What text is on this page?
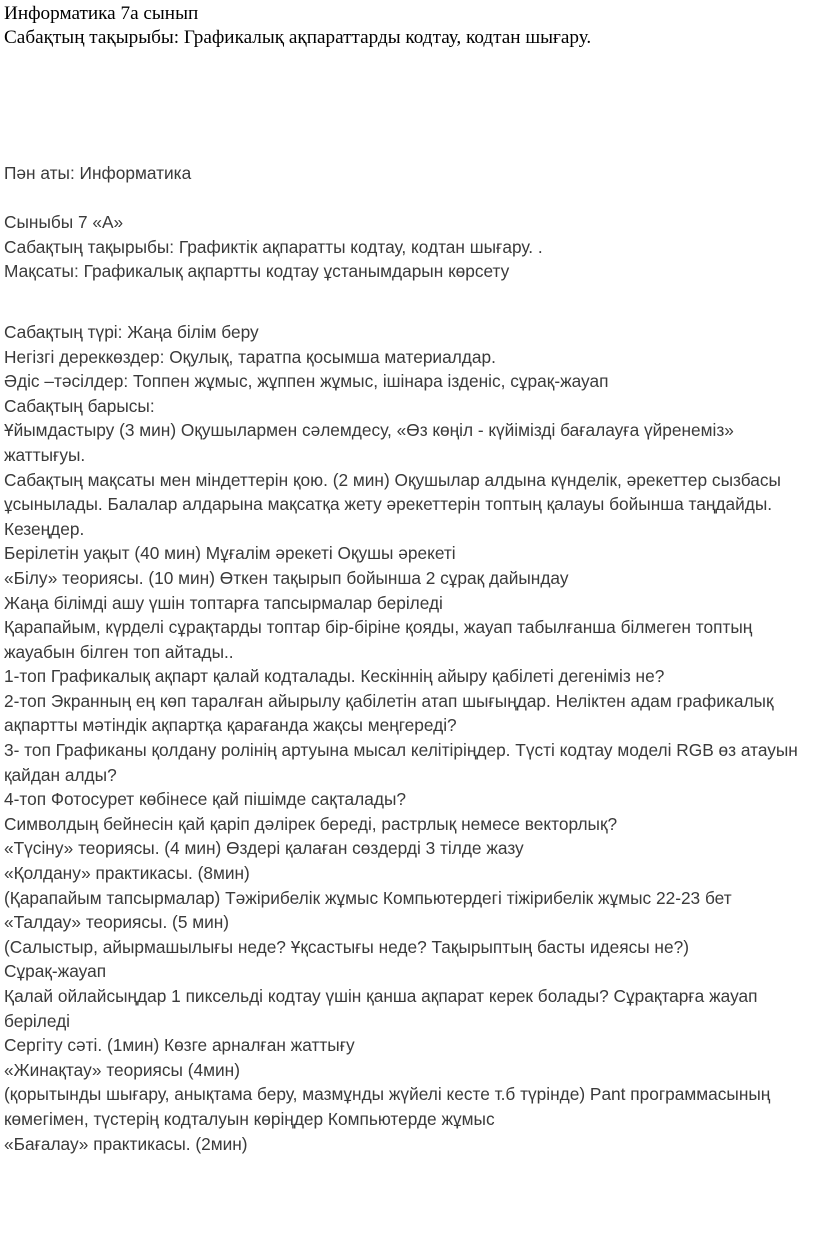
Информатика 7а сынып
Сабақтың тақырыбы: Графикалық ақпараттарды кодтау, кодтан шығару.

Пән аты: Информатика

Сыныбы 7 «А»

Сабақтың тақырыбы: Графиктік ақпаратты кодтау, кодтан шығару. .

Мақсаты: Графикалық ақпартты кодтау ұстанымдарын көрсету

Сабақтың түрі: Жаңа білім беру

Негізгі дереккөздер: Оқулық, таратпа қосымша материалдар.

Әдіс –тәсілдер: Топпен жұмыс, жұппен жұмыс, ішінара ізденіс, сұрақ-жауап

Сабақтың барысы:

Ұйымдастыру (3 мин) Оқушылармен сәлемдесу, «Өз көңіл - күйімізді бағалауға үйренеміз» жаттығуы.

Сабақтың мақсаты мен міндеттерін қою. (2 мин) Оқушылар алдына күнделік, әрекеттер сызбасы ұсынылады. Балалар алдарына мақсатқа жету әрекеттерін топтың қалауы бойынша таңдайды.

Кезеңдер.

Берілетін уақыт (40 мин) Мұғалім әрекеті Оқушы әрекеті

«Білу» теориясы. (10 мин) Өткен тақырып бойынша 2 сұрақ дайындау

Жаңа білімді ашу үшін топтарға тапсырмалар беріледі

Қарапайым, күрделі сұрақтарды топтар бір-біріне қояды, жауап табылғанша білмеген топтың жауабын білген топ айтады..

1-топ Графикалық ақпарт қалай кодталады. Кескіннің айыру қабілеті дегеніміз не?

2-топ Экранның ең көп таралған айырылу қабілетін атап шығыңдар. Неліктен адам графикалық ақпартты мәтіндік ақпартқа қарағанда жақсы меңгереді?

3- топ Графиканы қолдану ролінің артуына мысал келітіріңдер. Түсті кодтау моделі RGB өз атауын қайдан алды?

4-топ Фотосурет көбінесе қай пішімде сақталады?

Символдың бейнесін қай қаріп дәлірек береді, растрлық немесе векторлық?

«Түсіну» теориясы. (4 мин) Өздері қалаған сөздерді 3 тілде жазу

«Қолдану» практикасы. (8мин)

(Қарапайым тапсырмалар) Тәжірибелік жұмыс Компьютердегі тіжірибелік жұмыс 22-23 бет

«Талдау» теориясы. (5 мин)

(Салыстыр, айырмашылығы неде? Ұқсастығы неде? Тақырыптың басты идеясы не?)

Сұрақ-жауап

Қалай ойлайсыңдар 1 пиксельді кодтау үшін қанша ақпарат керек болады? Сұрақтарға жауап беріледі

Сергіту сәті. (1мин) Көзге арналған жаттығу

«Жинақтау» теориясы (4мин)

(қорытынды шығару, анықтама беру, мазмұнды жүйелі кесте т.б түрінде) Pant программасының көмегімен, түстерің кодталуын көріңдер Компьютерде жұмыс

«Бағалау» практикасы. (2мин)
